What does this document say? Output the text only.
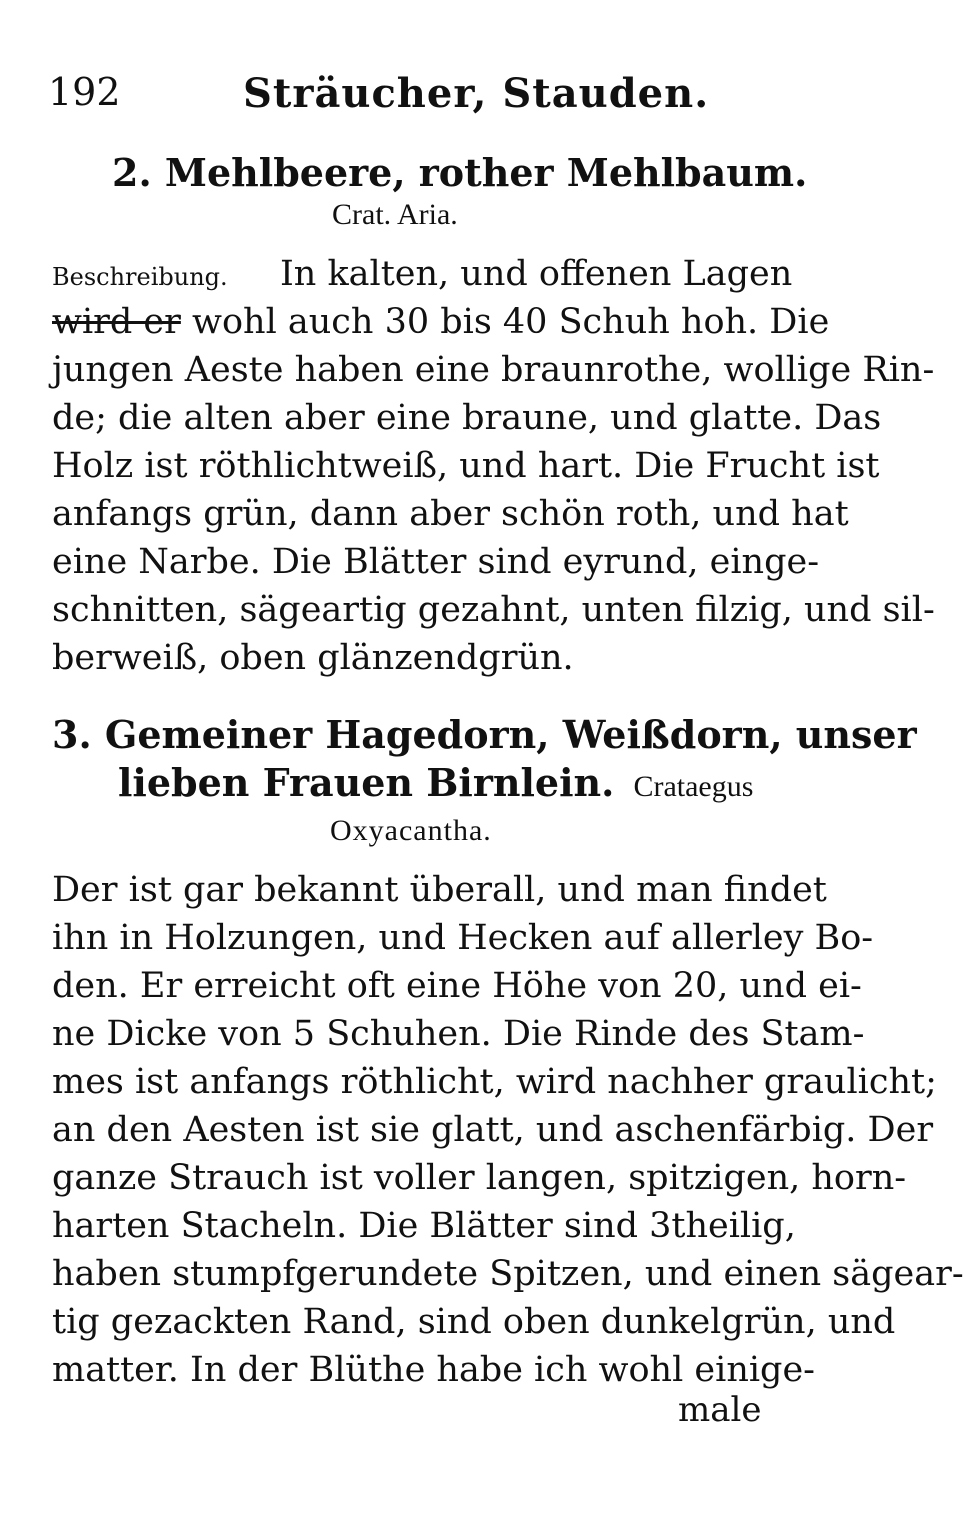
192	Sträucher, Stauden.
2. Mehlbeere, rother Mehlbaum.
Crat. Aria.
Beschreibung. In kalten, und offenen Lagen
wird er wohl auch 30 bis 40 Schuh hoh. Die
jungen Aeste haben eine braunrothe, wollige Rin-
de; die alten aber eine braune, und glatte. Das
Holz ist röthlichtweiß, und hart. Die Frucht ist
anfangs grün, dann aber schön roth, und hat
eine Narbe. Die Blätter sind eyrund, einge-
schnitten, sägeartig gezahnt, unten filzig, und sil-
berweiß, oben glänzendgrün.
3. Gemeiner Hagedorn, Weißdorn, unser
lieben Frauen Birnlein. Crataegus
Oxyacantha.
Der ist gar bekannt überall, und man findet
ihn in Holzungen, und Hecken auf allerley Bo-
den. Er erreicht oft eine Höhe von 20, und ei-
ne Dicke von 5 Schuhen. Die Rinde des Stam-
mes ist anfangs röthlicht, wird nachher graulicht;
an den Aesten ist sie glatt, und aschenfärbig. Der
ganze Strauch ist voller langen, spitzigen, horn-
harten Stacheln. Die Blätter sind 3theilig,
haben stumpfgerundete Spitzen, und einen sägear-
tig gezackten Rand, sind oben dunkelgrün, und
matter. In der Blüthe habe ich wohl einige-
male
